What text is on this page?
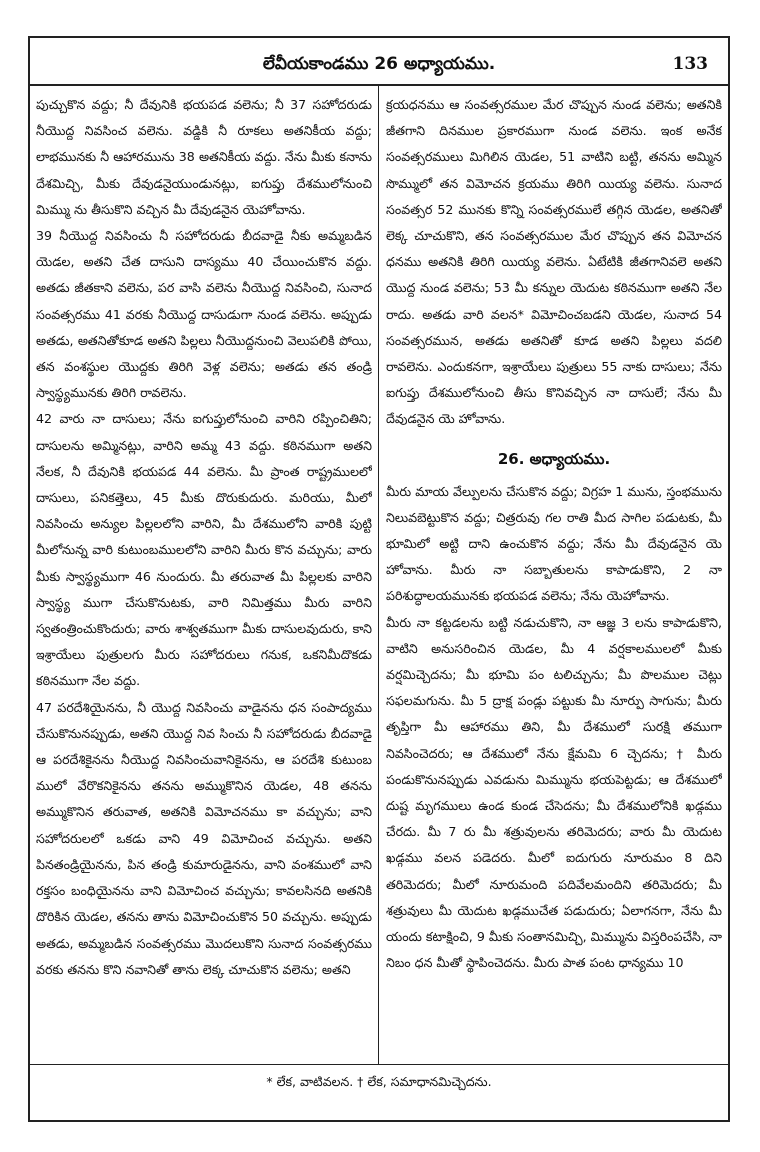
లేవీయకాండము 26 అధ్యాయము.	133

పుచ్చుకొన వద్దు; నీ దేవునికి భయపడ వలెను; నీ 37 సహోదరుడు నీయొద్ద నివసించ వలెను. వడ్డికి నీ రూకలు అతనికీయ వద్దు; లాభమునకు నీ ఆహారమును 38 అతనికీయ వద్దు. నేను మీకు కనాను దేశమిచ్చి, మీకు దేవుడనైయుండునట్లు, ఐగుప్తు దేశములోనుంచి మిమ్ము ను తీసుకొని వచ్చిన మీ దేవుడనైన యెహోవాను.

39 నీయొద్ద నివసించు నీ సహోదరుడు బీదవాడై నీకు అమ్మబడిన యెడల, అతని చేత దాసుని దాస్యము 40 చేయించుకొన వద్దు. అతడు జీతకాని వలెను, పర వాసి వలెను నీయొద్ద నివసించి, సునాద సంవత్సరము 41 వరకు నీయొద్ద దాసుడుగా నుండ వలెను. అప్పుడు అతడు, అతనితోకూడ అతని పిల్లలు నీయొద్దనుంచి వెలుపలికి పోయి, తన వంశస్థుల యొద్దకు తిరిగి వెళ్ల వలెను; అతడు తన తండ్రి స్వాస్థ్యమునకు తిరిగి రావలెను.

42 వారు నా దాసులు; నేను ఐగుప్తులోనుంచి వారిని రప్పించితిని; దాసులను అమ్మినట్లు, వారిని అమ్మ 43 వద్దు. కఠినముగా అతని నేలక, నీ దేవునికి భయపడ 44 వలెను. మీ ప్రాంత రాష్ట్రములలో దాసులు, పనికత్తెలు, 45 మీకు దొరుకుదురు. మరియు, మీలో నివసించు అన్యుల పిల్లలలోని వారిని, మీ దేశములోని వారికి పుట్టి మీలోనున్న వారి కుటుంబములలోని వారిని మీరు కొన వచ్చును; వారు మీకు స్వాస్థ్యముగా 46 నుందురు. మీ తరువాత మీ పిల్లలకు వారిని స్వాస్థ్య ముగా చేసుకొనుటకు, వారి నిమిత్తము మీరు వారిని స్వతంత్రించుకొందురు; వారు శాశ్వతముగా మీకు దాసులవుదురు, కాని ఇశ్రాయేలు పుత్రులగు మీరు సహోదరులు గనుక, ఒకనిమీదొకడు కఠినముగా నేల వద్దు.

47 పరదేశియైనను, నీ యొద్ద నివసించు వాడైనను ధన సంపాద్యము చేసుకొనునప్పుడు, అతని యొద్ద నివ సించు నీ సహోదరుడు బీదవాడై ఆ పరదేశికైనను నీయొద్ద నివసించువానికైనను, ఆ పరదేశి కుటుంబ ములో వేరొకనికైనను తనను అమ్ముకొనిన యెడల, 48 తనను అమ్ముకొనిన తరువాత, అతనికి విమోచనము కా వచ్చును; వాని సహోదరులలో ఒకడు వాని 49 విమోచించ వచ్చును. అతని పినతండ్రియైనను, పిన తండ్రి కుమారుడైనను, వాని వంశములో వాని రక్తసం బంధియైనను వాని విమోచించ వచ్చును; కావలసినది అతనికి దొరికిన యెడల, తనను తాను విమోచించుకొన 50 వచ్చును. అప్పుడు అతడు, అమ్మబడిన సంవత్సరము మొదలుకొని సునాద సంవత్సరము వరకు తనను కొని నవానితో తాను లెక్క చూచుకొన వలెను; అతని

క్రయధనము ఆ సంవత్సరముల మేర చొప్పున నుండ వలెను; అతనికి జీతగాని దినముల ప్రకారముగా నుండ వలెను. ఇంక అనేక సంవత్సరములు మిగిలిన యెడల, 51 వాటిని బట్టి, తనను అమ్మిన సొమ్ములో తన విమోచన క్రయము తిరిగి యియ్య వలెను. సునాద సంవత్సర 52 మునకు కొన్ని సంవత్సరములే తగ్గిన యెడల, అతనితో లెక్క చూచుకొని, తన సంవత్సరముల మేర చొప్పున తన విమోచన ధనము అతనికి తిరిగి యియ్య వలెను. ఏటేటికి జీతగానివలె అతని యొద్ద నుండ వలెను; 53 మీ కన్నుల యెదుట కఠినముగా అతని నేల రాదు. అతడు వారి వలన* విమోచించబడని యెడల, సునాద 54 సంవత్సరమున, అతడు అతనితో కూడ అతని పిల్లలు వదలి రావలెను. ఎందుకనగా, ఇశ్రాయేలు పుత్రులు 55 నాకు దాసులు; నేను ఐగుప్తు దేశములోనుంచి తీసు కొనివచ్చిన నా దాసులే; నేను మీ దేవుడనైన యె హోవాను.

26. అధ్యాయము.

మీరు మాయ వేల్పులను చేసుకొన వద్దు; విగ్రహ 1 మును, స్తంభమును నిలువబెట్టుకొన వద్దు; చిత్రరువు గల రాతి మీద సాగిల పడుటకు, మీ భూమిలో అట్టి దాని ఉంచుకొన వద్దు; నేను మీ దేవుడనైన యె హోవాను. మీరు నా సబ్బాతులను కాపాడుకొని, 2 నా పరిశుద్ధాలయమునకు భయపడ వలెను; నేను యెహోవాను.

మీరు నా కట్టడలను బట్టి నడుచుకొని, నా ఆజ్ఞ 3 లను కాపాడుకొని, వాటిని అనుసరించిన యెడల, మీ 4 వర్షకాలములలో మీకు వర్షమిచ్చెదను; మీ భూమి పం టలిచ్చును; మీ పొలముల చెట్లు సఫలమగును. మీ 5 ద్రాక్ష పండ్లు పట్టుకు మీ నూర్పు సాగును; మీరు తృప్తిగా మీ ఆహారము తిని, మీ దేశములో సురక్షి తముగా నివసించెదరు; ఆ దేశములో నేను క్షేమమి 6 చ్చెదను; † మీరు పండుకొనునప్పుడు ఎవడును మిమ్మును భయపెట్టడు; ఆ దేశములో దుష్ట మృగములు ఉండ కుండ చేసెదను; మీ దేశములోనికి ఖడ్గము చేరదు. మీ 7 రు మీ శత్రువులను తరిమెదరు; వారు మీ యెదుట ఖడ్గము వలన పడెదరు. మీలో ఐదుగురు నూరుమం 8 దిని తరిమెదరు; మీలో నూరుమంది పదివేలమందిని తరిమెదరు; మీ శత్రువులు మీ యెదుట ఖడ్గముచేత పడుదురు; ఏలాగనగా, నేను మీ యందు కటాక్షించి, 9 మీకు సంతానమిచ్చి, మిమ్మును విస్తరింపచేసి, నా నిబం ధన మీతో స్థాపించెదను. మీరు పాత పంట ధాన్యము 10

* లేక, వాటివలన. † లేక, సమాధానమిచ్చెదను.
